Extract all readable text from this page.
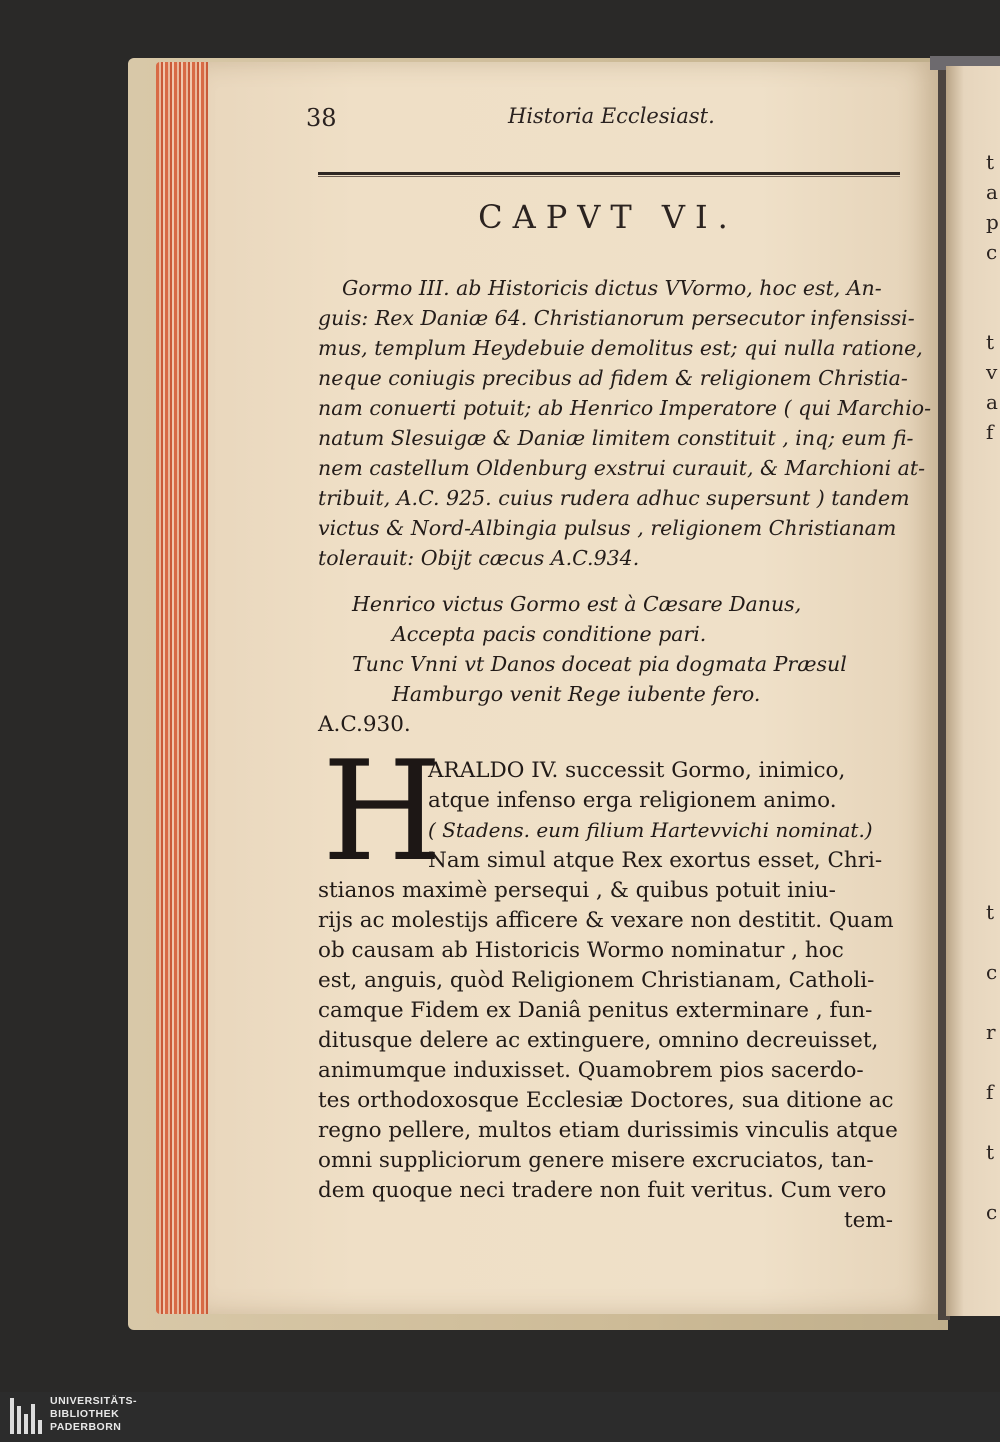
38	Historia Ecclesiast.
CAPVT VI.
Gormo III. ab Historicis dictus VVormo, hoc est, An-
guis: Rex Daniæ 64. Christianorum persecutor infensissi-
mus, templum Heydebuie demolitus est; qui nulla ratione,
neque coniugis precibus ad fidem & religionem Christia-
nam conuerti potuit; ab Henrico Imperatore ( qui Marchio-
natum Slesuigæ & Daniæ limitem constituit , inq; eum fi-
nem castellum Oldenburg exstrui curauit, & Marchioni at-
tribuit, A.C. 925. cuius rudera adhuc supersunt ) tandem
victus & Nord-Albingia pulsus , religionem Christianam
tolerauit: Obijt cæcus A.C.934.
Henrico victus Gormo est à Cæsare Danus,
Accepta pacis conditione pari.
Tunc Vnni vt Danos doceat pia dogmata Præsul
Hamburgo venit Rege iubente fero.
A.C.930.
H
ARALDO IV. successit Gormo, inimico,
atque infenso erga religionem animo.
( Stadens. eum filium Hartevvichi nominat.)
Nam simul atque Rex exortus esset, Chri-
stianos maximè persequi , & quibus potuit iniu-
rijs ac molestijs afficere & vexare non destitit. Quam
ob causam ab Historicis Wormo nominatur , hoc
est, anguis, quòd Religionem Christianam, Catholi-
camque Fidem ex Daniâ penitus exterminare , fun-
ditusque delere ac extinguere, omnino decreuisset,
animumque induxisset. Quamobrem pios sacerdo-
tes orthodoxosque Ecclesiæ Doctores, sua ditione ac
regno pellere, multos etiam durissimis vinculis atque
omni suppliciorum genere misere excruciatos, tan-
dem quoque neci tradere non fuit veritus. Cum vero
tem-
t
a
p
c
t
v
a
f
t
c
r
f
t
c
UNIVERSITÄTS-
BIBLIOTHEK
PADERBORN
